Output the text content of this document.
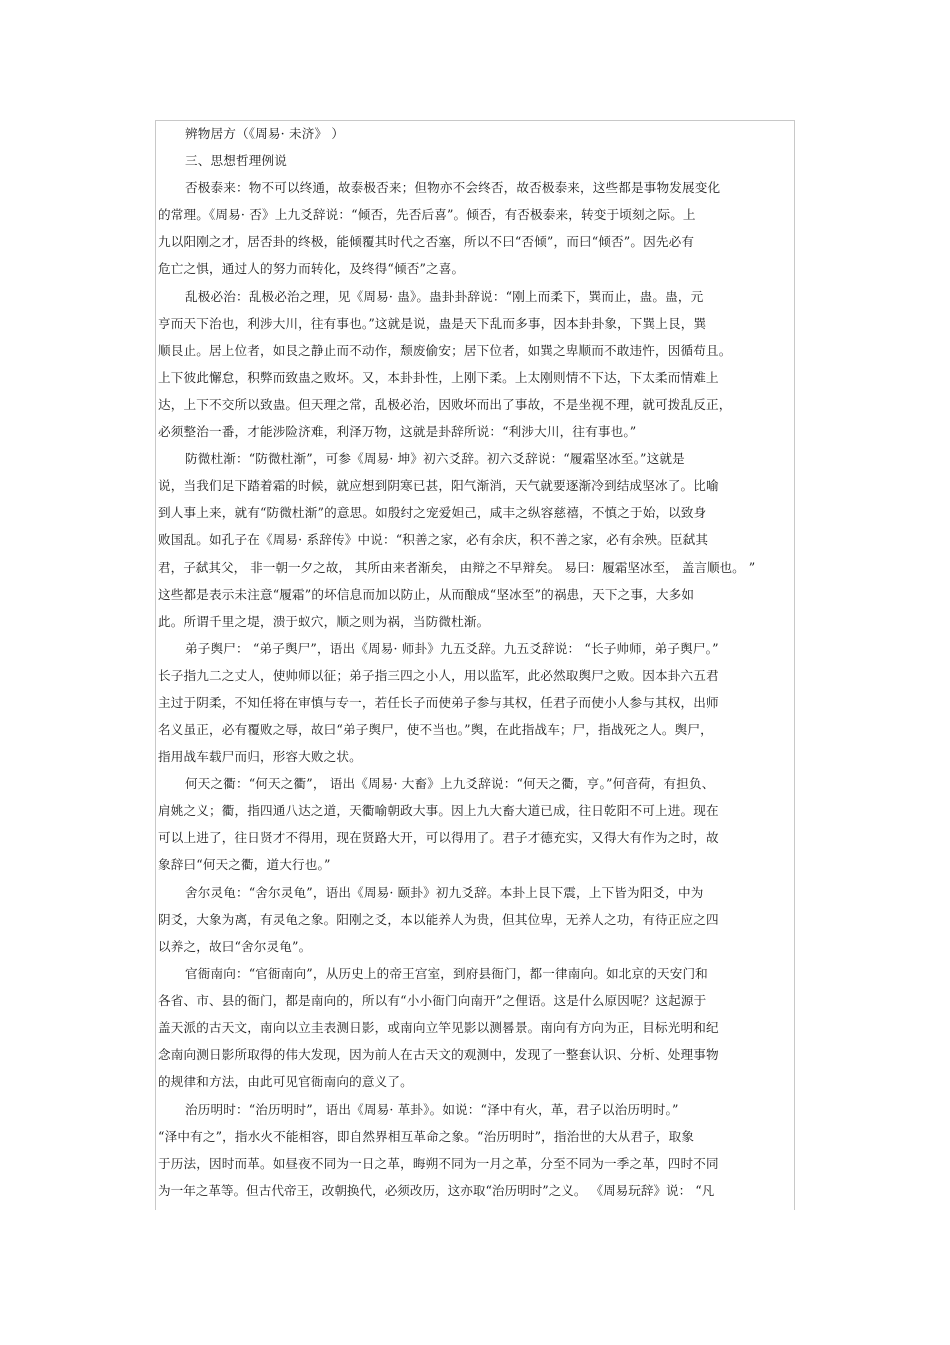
辨物居方（《周易· 未济》 ）
三、思想哲理例说
否极泰来：物不可以终通，故泰极否来；但物亦不会终否，故否极泰来，这些都是事物发展变化
的常理。《周易· 否》上九爻辞说：“倾否，先否后喜”。倾否，有否极泰来，转变于顷刻之际。上
九以阳刚之才，居否卦的终极，能倾覆其时代之否塞，所以不曰“否倾”，而曰“倾否”。因先必有
危亡之惧，通过人的努力而转化，及终得“倾否”之喜。
乱极必治：乱极必治之理，见《周易· 蛊》。蛊卦卦辞说：“刚上而柔下，巽而止，蛊。蛊，元
亨而天下治也，利涉大川，往有事也。”这就是说，蛊是天下乱而多事，因本卦卦象，下巽上艮，巽
顺艮止。居上位者，如艮之静止而不动作，颓废偷安；居下位者，如巽之卑顺而不敢违忤，因循苟且。
上下彼此懈怠，积弊而致蛊之败坏。又，本卦卦性，上刚下柔。上太刚则情不下达，下太柔而情难上
达，上下不交所以致蛊。但天理之常，乱极必治，因败坏而出了事故，不是坐视不理，就可拨乱反正，
必须整治一番，才能涉险济难，利泽万物，这就是卦辞所说：“利涉大川，往有事也。”
防微杜渐：“防微杜渐”，可参《周易· 坤》初六爻辞。初六爻辞说：“履霜坚冰至。”这就是
说，当我们足下踏着霜的时候，就应想到阴寒已甚，阳气渐消，天气就要逐渐冷到结成坚冰了。比喻
到人事上来，就有“防微杜渐”的意思。如殷纣之宠爱妲己，咸丰之纵容慈禧，不慎之于始，以致身
败国乱。如孔子在《周易· 系辞传》中说：“积善之家，必有余庆，积不善之家，必有余殃。臣弑其
君，子弑其父， 非一朝一夕之故， 其所由来者渐矣， 由辩之不早辩矣。 易曰：履霜坚冰至， 盖言顺也。 ”
这些都是表示未注意“履霜”的坏信息而加以防止，从而酿成“坚冰至”的祸患，天下之事，大多如
此。所谓千里之堤，溃于蚁穴，顺之则为祸，当防微杜渐。
弟子舆尸： “弟子舆尸”，语出《周易· 师卦》九五爻辞。九五爻辞说： “长子帅师，弟子舆尸。”
长子指九二之丈人，使帅师以征；弟子指三四之小人，用以监军，此必然取舆尸之败。因本卦六五君
主过于阴柔，不知任将在审慎与专一，若任长子而使弟子参与其权，任君子而使小人参与其权，出师
名义虽正，必有覆败之辱，故曰“弟子舆尸，使不当也。”舆，在此指战车；尸，指战死之人。舆尸，
指用战车载尸而归，形容大败之状。
何天之衢：“何天之衢”， 语出《周易· 大畜》上九爻辞说：“何天之衢，亨。”何音荷，有担负、
肩姚之义；衢，指四通八达之道，天衢喻朝政大事。因上九大畜大道已成，往日乾阳不可上进。现在
可以上进了，往日贤才不得用，现在贤路大开，可以得用了。君子才德充实，又得大有作为之时，故
象辞曰“何天之衢，道大行也。”
舍尔灵龟：“舍尔灵龟”，语出《周易· 颐卦》初九爻辞。本卦上艮下震，上下皆为阳爻，中为
阴爻，大象为离，有灵龟之象。阳刚之爻，本以能养人为贵，但其位卑，无养人之功，有待正应之四
以养之，故曰“舍尔灵龟”。
官衙南向：“官衙南向”，从历史上的帝王宫室，到府县衙门，都一律南向。如北京的天安门和
各省、市、县的衙门，都是南向的，所以有“小小衙门向南开”之俚语。这是什么原因呢？这起源于
盖天派的古天文，南向以立圭表测日影，或南向立竿见影以测晷景。南向有方向为正，目标光明和纪
念南向测日影所取得的伟大发现，因为前人在古天文的观测中，发现了一整套认识、分析、处理事物
的规律和方法，由此可见官衙南向的意义了。
治历明时：“治历明时”，语出《周易· 革卦》。如说：“泽中有火，革，君子以治历明时。”
“泽中有之”，指水火不能相容，即自然界相互革命之象。“治历明时”，指治世的大从君子，取象
于历法，因时而革。如昼夜不同为一日之革，晦朔不同为一月之革，分至不同为一季之革，四时不同
为一年之革等。但古代帝王，改朝换代，必须改历，这亦取“治历明时”之义。 《周易玩辞》说： “凡
